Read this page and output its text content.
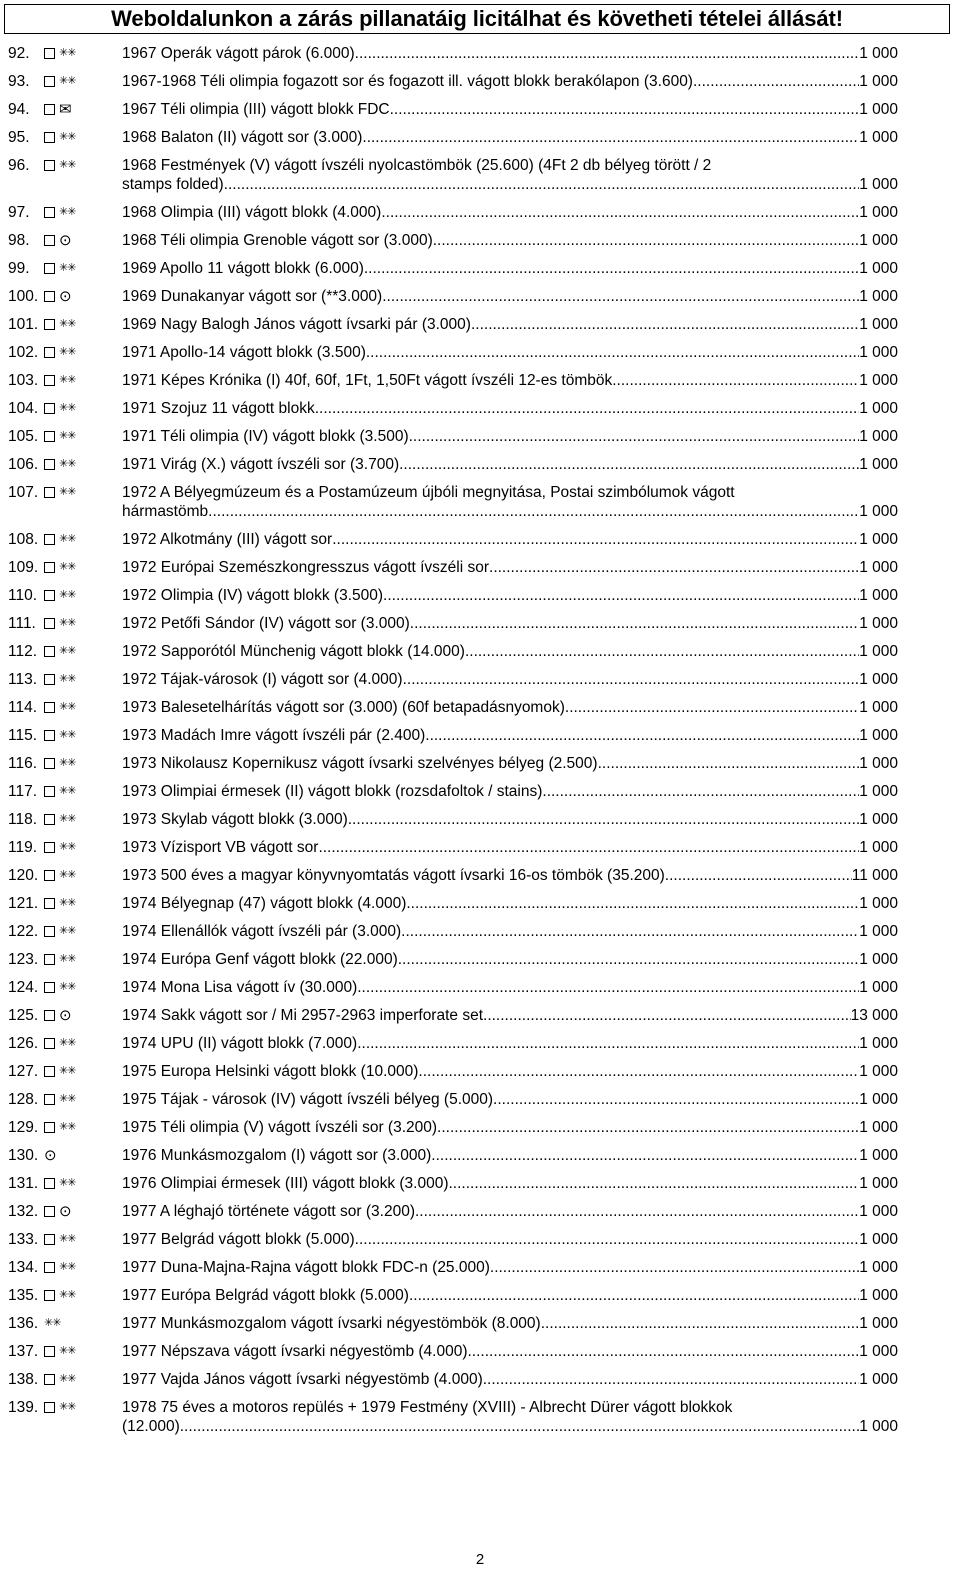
Weboldalunkon a zárás pillanatáig licitálhat és követheti tételei állását!
92.	✳✳	1967 Operák vágott párok (6.000) .....	1 000
93.	✳✳	1967-1968 Téli olimpia fogazott sor és fogazott ill. vágott blokk berakólapon (3.600) .....	1 000
94.	✉	1967 Téli olimpia (III) vágott blokk FDC .....	1 000
95.	✳✳	1968 Balaton (II) vágott sor (3.000) .....	1 000
96.	✳✳	1968 Festmények (V) vágott ívszéli nyolcastömbök (25.600) (4Ft 2 db bélyeg törött / 2
stamps folded) .....	1 000
97.	✳✳	1968 Olimpia (III) vágott blokk (4.000) .....	1 000
98.	⊙	1968 Téli olimpia Grenoble vágott sor (3.000) .....	1 000
99.	✳✳	1969 Apollo 11 vágott blokk (6.000) .....	1 000
100.	⊙	1969 Dunakanyar vágott sor (**3.000) .....	1 000
101.	✳✳	1969 Nagy Balogh János vágott ívsarki pár (3.000) .....	1 000
102.	✳✳	1971 Apollo-14 vágott blokk (3.500) .....	1 000
103.	✳✳	1971 Képes Krónika (I) 40f, 60f, 1Ft, 1,50Ft vágott ívszéli 12-es tömbök .....	1 000
104.	✳✳	1971 Szojuz 11 vágott blokk .....	1 000
105.	✳✳	1971 Téli olimpia (IV) vágott blokk (3.500) .....	1 000
106.	✳✳	1971 Virág (X.) vágott ívszéli sor (3.700) .....	1 000
107.	✳✳	1972 A Bélyegmúzeum és a Postamúzeum újbóli megnyitása, Postai szimbólumok vágott
hármastömb .....	1 000
108.	✳✳	1972 Alkotmány (III) vágott sor .....	1 000
109.	✳✳	1972 Európai Szemészkongresszus vágott ívszéli sor .....	1 000
110.	✳✳	1972 Olimpia (IV) vágott blokk (3.500) .....	1 000
111.	✳✳	1972 Petőfi Sándor (IV) vágott sor (3.000) .....	1 000
112.	✳✳	1972 Sapporótól Münchenig vágott blokk (14.000) .....	1 000
113.	✳✳	1972 Tájak-városok (I) vágott sor (4.000) .....	1 000
114.	✳✳	1973 Balesetelhárítás vágott sor (3.000) (60f betapadásnyomok) .....	1 000
115.	✳✳	1973 Madách Imre vágott ívszéli pár (2.400) .....	1 000
116.	✳✳	1973 Nikolausz Kopernikusz vágott ívsarki szelvényes bélyeg (2.500) .....	1 000
117.	✳✳	1973 Olimpiai érmesek (II) vágott blokk (rozsdafoltok / stains) .....	1 000
118.	✳✳	1973 Skylab vágott blokk (3.000) .....	1 000
119.	✳✳	1973 Vízisport VB vágott sor .....	1 000
120.	✳✳	1973 500 éves a magyar könyvnyomtatás vágott ívsarki 16-os tömbök (35.200) .....	11 000
121.	✳✳	1974 Bélyegnap (47) vágott blokk (4.000) .....	1 000
122.	✳✳	1974 Ellenállók vágott ívszéli pár (3.000) .....	1 000
123.	✳✳	1974 Európa Genf vágott blokk (22.000) .....	1 000
124.	✳✳	1974 Mona Lisa vágott ív (30.000) .....	1 000
125.	⊙	1974 Sakk vágott sor / Mi 2957-2963 imperforate set .....	13 000
126.	✳✳	1974 UPU (II) vágott blokk (7.000) .....	1 000
127.	✳✳	1975 Europa Helsinki vágott blokk (10.000) .....	1 000
128.	✳✳	1975 Tájak - városok (IV) vágott ívszéli bélyeg (5.000) .....	1 000
129.	✳✳	1975 Téli olimpia (V) vágott ívszéli sor (3.200) .....	1 000
130. ⊙	1976 Munkásmozgalom (I) vágott sor (3.000) .....	1 000
131.	✳✳	1976 Olimpiai érmesek (III) vágott blokk (3.000) .....	1 000
132.	⊙	1977 A léghajó története vágott sor (3.200) .....	1 000
133.	✳✳	1977 Belgrád vágott blokk (5.000) .....	1 000
134.	✳✳	1977 Duna-Majna-Rajna vágott blokk FDC-n (25.000) .....	1 000
135.	✳✳	1977 Európa Belgrád vágott blokk (5.000) .....	1 000
136. ✳✳	1977 Munkásmozgalom vágott ívsarki négyestömbök (8.000) .....	1 000
137.	✳✳	1977 Népszava vágott ívsarki négyestömb (4.000) .....	1 000
138.	✳✳	1977 Vajda János vágott ívsarki négyestömb (4.000) .....	1 000
139.	✳✳	1978 75 éves a motoros repülés + 1979 Festmény (XVIII) - Albrecht Dürer vágott blokkok
(12.000) .....	1 000
2
